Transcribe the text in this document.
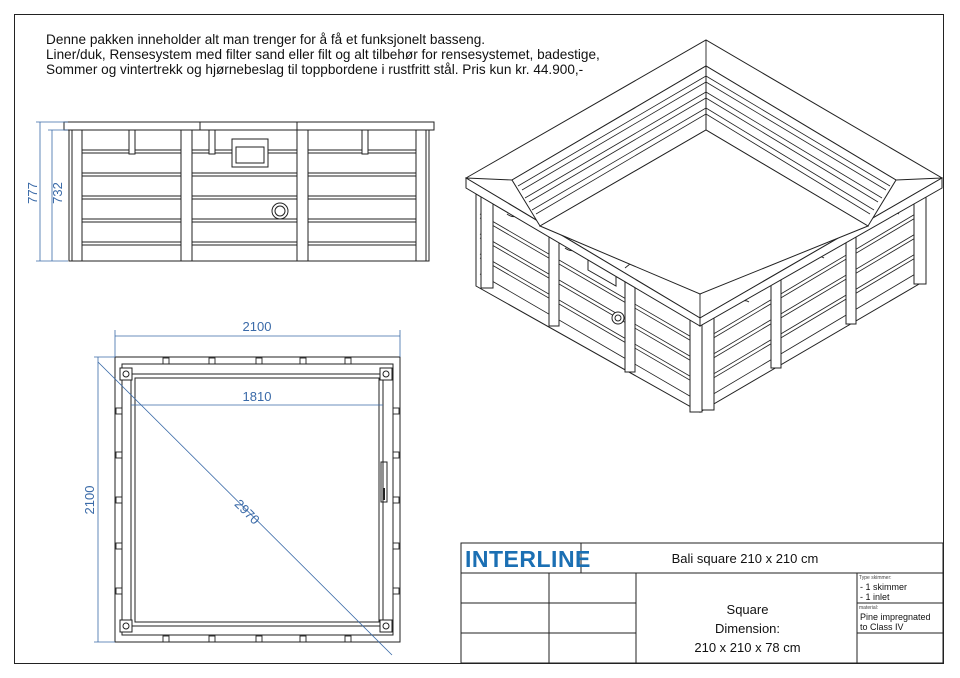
Denne pakken inneholder alt man trenger for å få et funksjonelt basseng.
Liner/duk, Rensesystem med filter sand eller filt og alt tilbehør for rensesystemet, badestige,
Sommer og vintertrekk og hjørnebeslag til toppbordene i rustfritt stål. Pris kun kr. 44.900,-
777 732
2100
1810
2100	2970
INTERLINE	Bali square 210 x 210 cm
Square
Dimension:
210 x 210 x 78 cm
Type skimmer:
- 1 skimmer
- 1 inlet
material:
Pine impregnated
to Class IV
